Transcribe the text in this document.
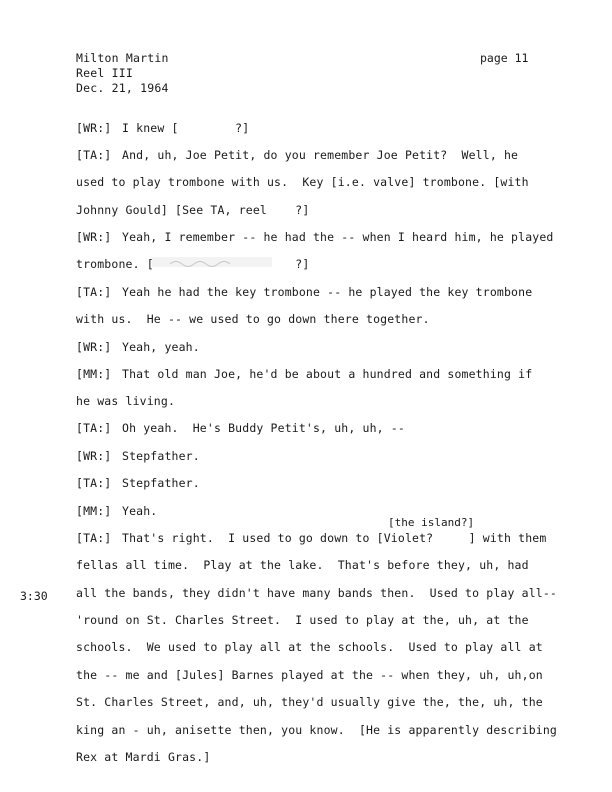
Milton Martin
Reel III
Dec. 21, 1964
page 11
3:30
[the island?]
[WR:] I knew [        ?]
[TA:] And, uh, Joe Petit, do you remember Joe Petit?  Well, he
used to play trombone with us.  Key [i.e. valve] trombone. [with
Johnny Gould] [See TA, reel    ?]
[WR:] Yeah, I remember -- he had the -- when I heard him, he played
trombone. [                    ?]
[TA:] Yeah he had the key trombone -- he played the key trombone
with us.  He -- we used to go down there together.
[WR:] Yeah, yeah.
[MM:] That old man Joe, he'd be about a hundred and something if
he was living.
[TA:] Oh yeah.  He's Buddy Petit's, uh, uh, --
[WR:] Stepfather.
[TA:] Stepfather.
[MM:] Yeah.
[TA:] That's right.  I used to go down to [Violet?     ] with them
fellas all time.  Play at the lake.  That's before they, uh, had
all the bands, they didn't have many bands then.  Used to play all--
'round on St. Charles Street.  I used to play at the, uh, at the
schools.  We used to play all at the schools.  Used to play all at
the -- me and [Jules] Barnes played at the -- when they, uh, uh,on
St. Charles Street, and, uh, they'd usually give the, the, uh, the
king an - uh, anisette then, you know.  [He is apparently describing
Rex at Mardi Gras.]
